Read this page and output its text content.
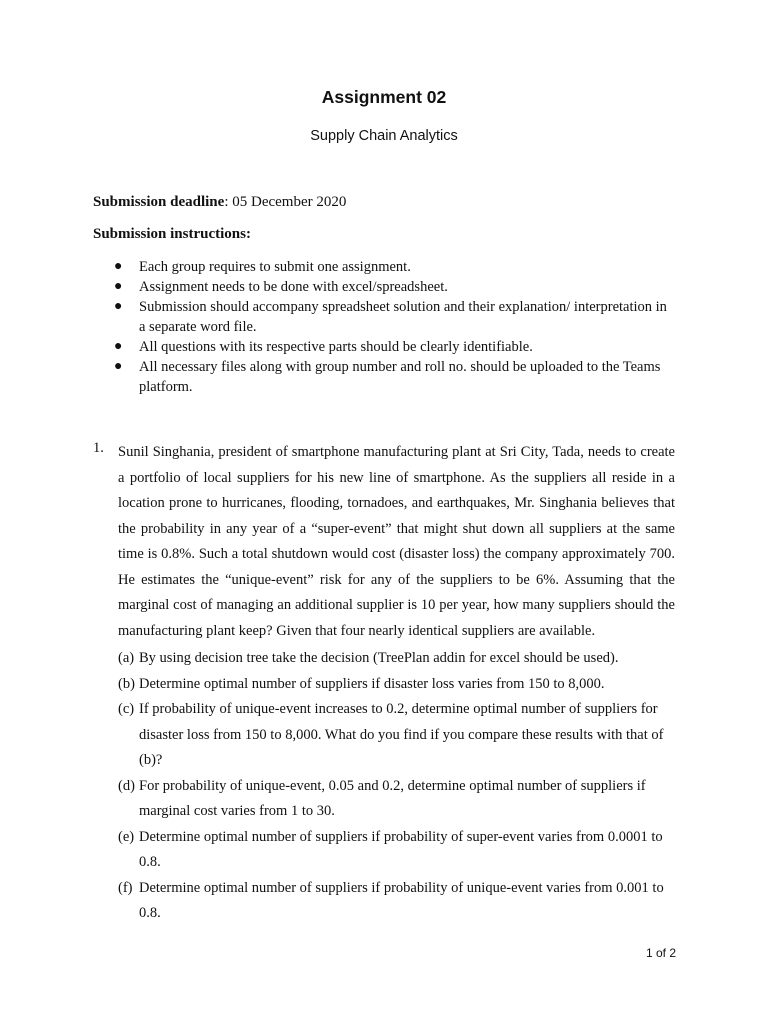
Assignment 02
Supply Chain Analytics
Submission deadline: 05 December 2020
Submission instructions:
● Each group requires to submit one assignment.
● Assignment needs to be done with excel/spreadsheet.
● Submission should accompany spreadsheet solution and their explanation/ interpretation in a separate word file.
● All questions with its respective parts should be clearly identifiable.
● All necessary files along with group number and roll no. should be uploaded to the Teams platform.
1. Sunil Singhania, president of smartphone manufacturing plant at Sri City, Tada, needs to create a portfolio of local suppliers for his new line of smartphone. As the suppliers all reside in a location prone to hurricanes, flooding, tornadoes, and earthquakes, Mr. Singhania believes that the probability in any year of a “super-event” that might shut down all suppliers at the same time is 0.8%. Such a total shutdown would cost (disaster loss) the company approximately 700. He estimates the “unique-event” risk for any of the suppliers to be 6%. Assuming that the marginal cost of managing an additional supplier is 10 per year, how many suppliers should the manufacturing plant keep? Given that four nearly identical suppliers are available.
(a) By using decision tree take the decision (TreePlan addin for excel should be used).
(b) Determine optimal number of suppliers if disaster loss varies from 150 to 8,000.
(c) If probability of unique-event increases to 0.2, determine optimal number of suppliers for disaster loss from 150 to 8,000. What do you find if you compare these results with that of (b)?
(d) For probability of unique-event, 0.05 and 0.2, determine optimal number of suppliers if marginal cost varies from 1 to 30.
(e) Determine optimal number of suppliers if probability of super-event varies from 0.0001 to 0.8.
(f) Determine optimal number of suppliers if probability of unique-event varies from 0.001 to 0.8.
1 of 2
